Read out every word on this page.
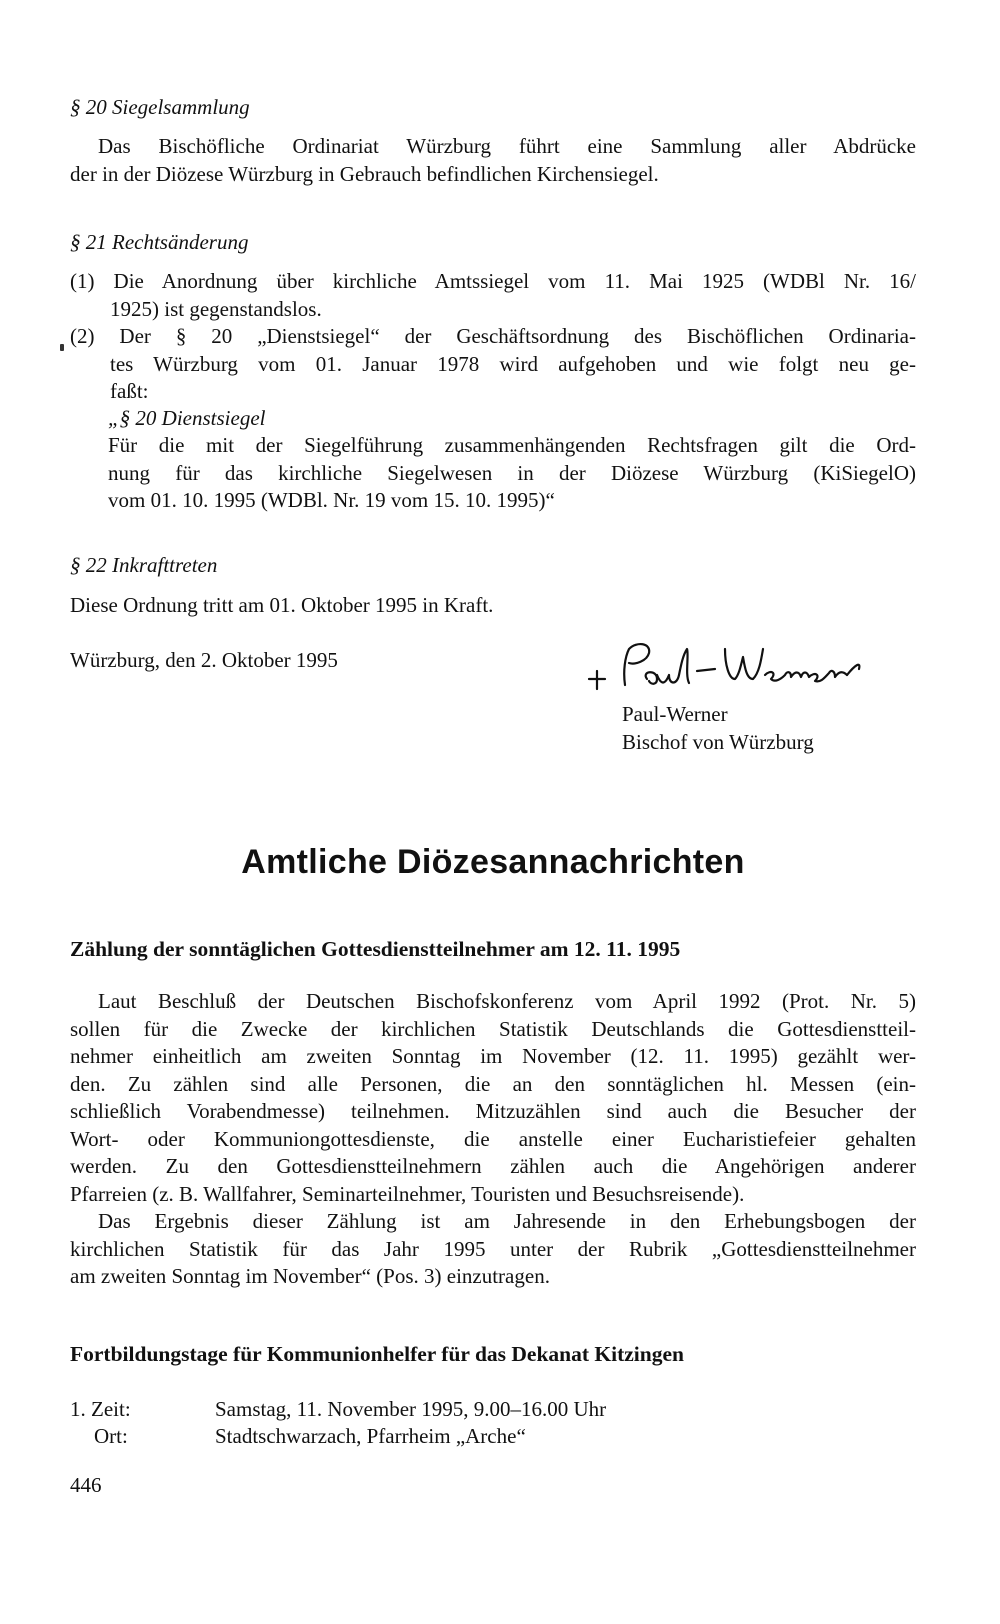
§ 20 Siegelsammlung
Das Bischöfliche Ordinariat Würzburg führt eine Sammlung aller Abdrücke
der in der Diözese Würzburg in Gebrauch befindlichen Kirchensiegel.
§ 21 Rechtsänderung
(1) Die Anordnung über kirchliche Amtssiegel vom 11. Mai 1925 (WDBl Nr. 16/
1925) ist gegenstandslos.
(2) Der § 20 „Dienstsiegel“ der Geschäftsordnung des Bischöflichen Ordinaria-
tes Würzburg vom 01. Januar 1978 wird aufgehoben und wie folgt neu ge-
faßt:
„§ 20 Dienstsiegel
Für die mit der Siegelführung zusammenhängenden Rechtsfragen gilt die Ord-
nung für das kirchliche Siegelwesen in der Diözese Würzburg (KiSiegelO)
vom 01. 10. 1995 (WDBl. Nr. 19 vom 15. 10. 1995)“
§ 22 Inkrafttreten
Diese Ordnung tritt am 01. Oktober 1995 in Kraft.
Würzburg, den 2. Oktober 1995
Paul-Werner
Bischof von Würzburg
Amtliche Diözesannachrichten
Zählung der sonntäglichen Gottesdienstteilnehmer am 12. 11. 1995
Laut Beschluß der Deutschen Bischofskonferenz vom April 1992 (Prot. Nr. 5)
sollen für die Zwecke der kirchlichen Statistik Deutschlands die Gottesdienstteil-
nehmer einheitlich am zweiten Sonntag im November (12. 11. 1995) gezählt wer-
den. Zu zählen sind alle Personen, die an den sonntäglichen hl. Messen (ein-
schließlich Vorabendmesse) teilnehmen. Mitzuzählen sind auch die Besucher der
Wort- oder Kommuniongottesdienste, die anstelle einer Eucharistiefeier gehalten
werden. Zu den Gottesdienstteilnehmern zählen auch die Angehörigen anderer
Pfarreien (z. B. Wallfahrer, Seminarteilnehmer, Touristen und Besuchsreisende).
Das Ergebnis dieser Zählung ist am Jahresende in den Erhebungsbogen der
kirchlichen Statistik für das Jahr 1995 unter der Rubrik „Gottesdienstteilnehmer
am zweiten Sonntag im November“ (Pos. 3) einzutragen.
Fortbildungstage für Kommunionhelfer für das Dekanat Kitzingen
1. Zeit:	Samstag, 11. November 1995, 9.00–16.00 Uhr
Ort:	Stadtschwarzach, Pfarrheim „Arche“
446
